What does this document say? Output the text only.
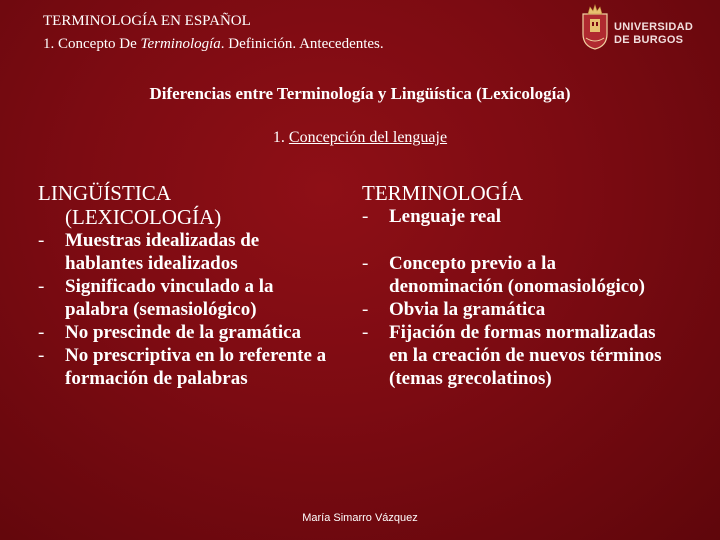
TERMINOLOGÍA EN ESPAÑOL
1. Concepto De Terminología. Definición. Antecedentes.
UNIVERSIDAD
DE BURGOS
Diferencias entre Terminología y Lingüística (Lexicología)
1. Concepción del lenguaje
LINGÜÍSTICA
(LEXICOLOGÍA)
- Muestras idealizadas de hablantes idealizados
- Significado vinculado a la palabra (semasiológico)
- No prescinde de la gramática
- No prescriptiva en lo referente a formación de palabras
TERMINOLOGÍA
- Lenguaje real
- Concepto previo a la denominación (onomasiológico)
- Obvia la gramática
- Fijación de formas normalizadas en la creación de nuevos términos (temas grecolatinos)
María Simarro Vázquez
